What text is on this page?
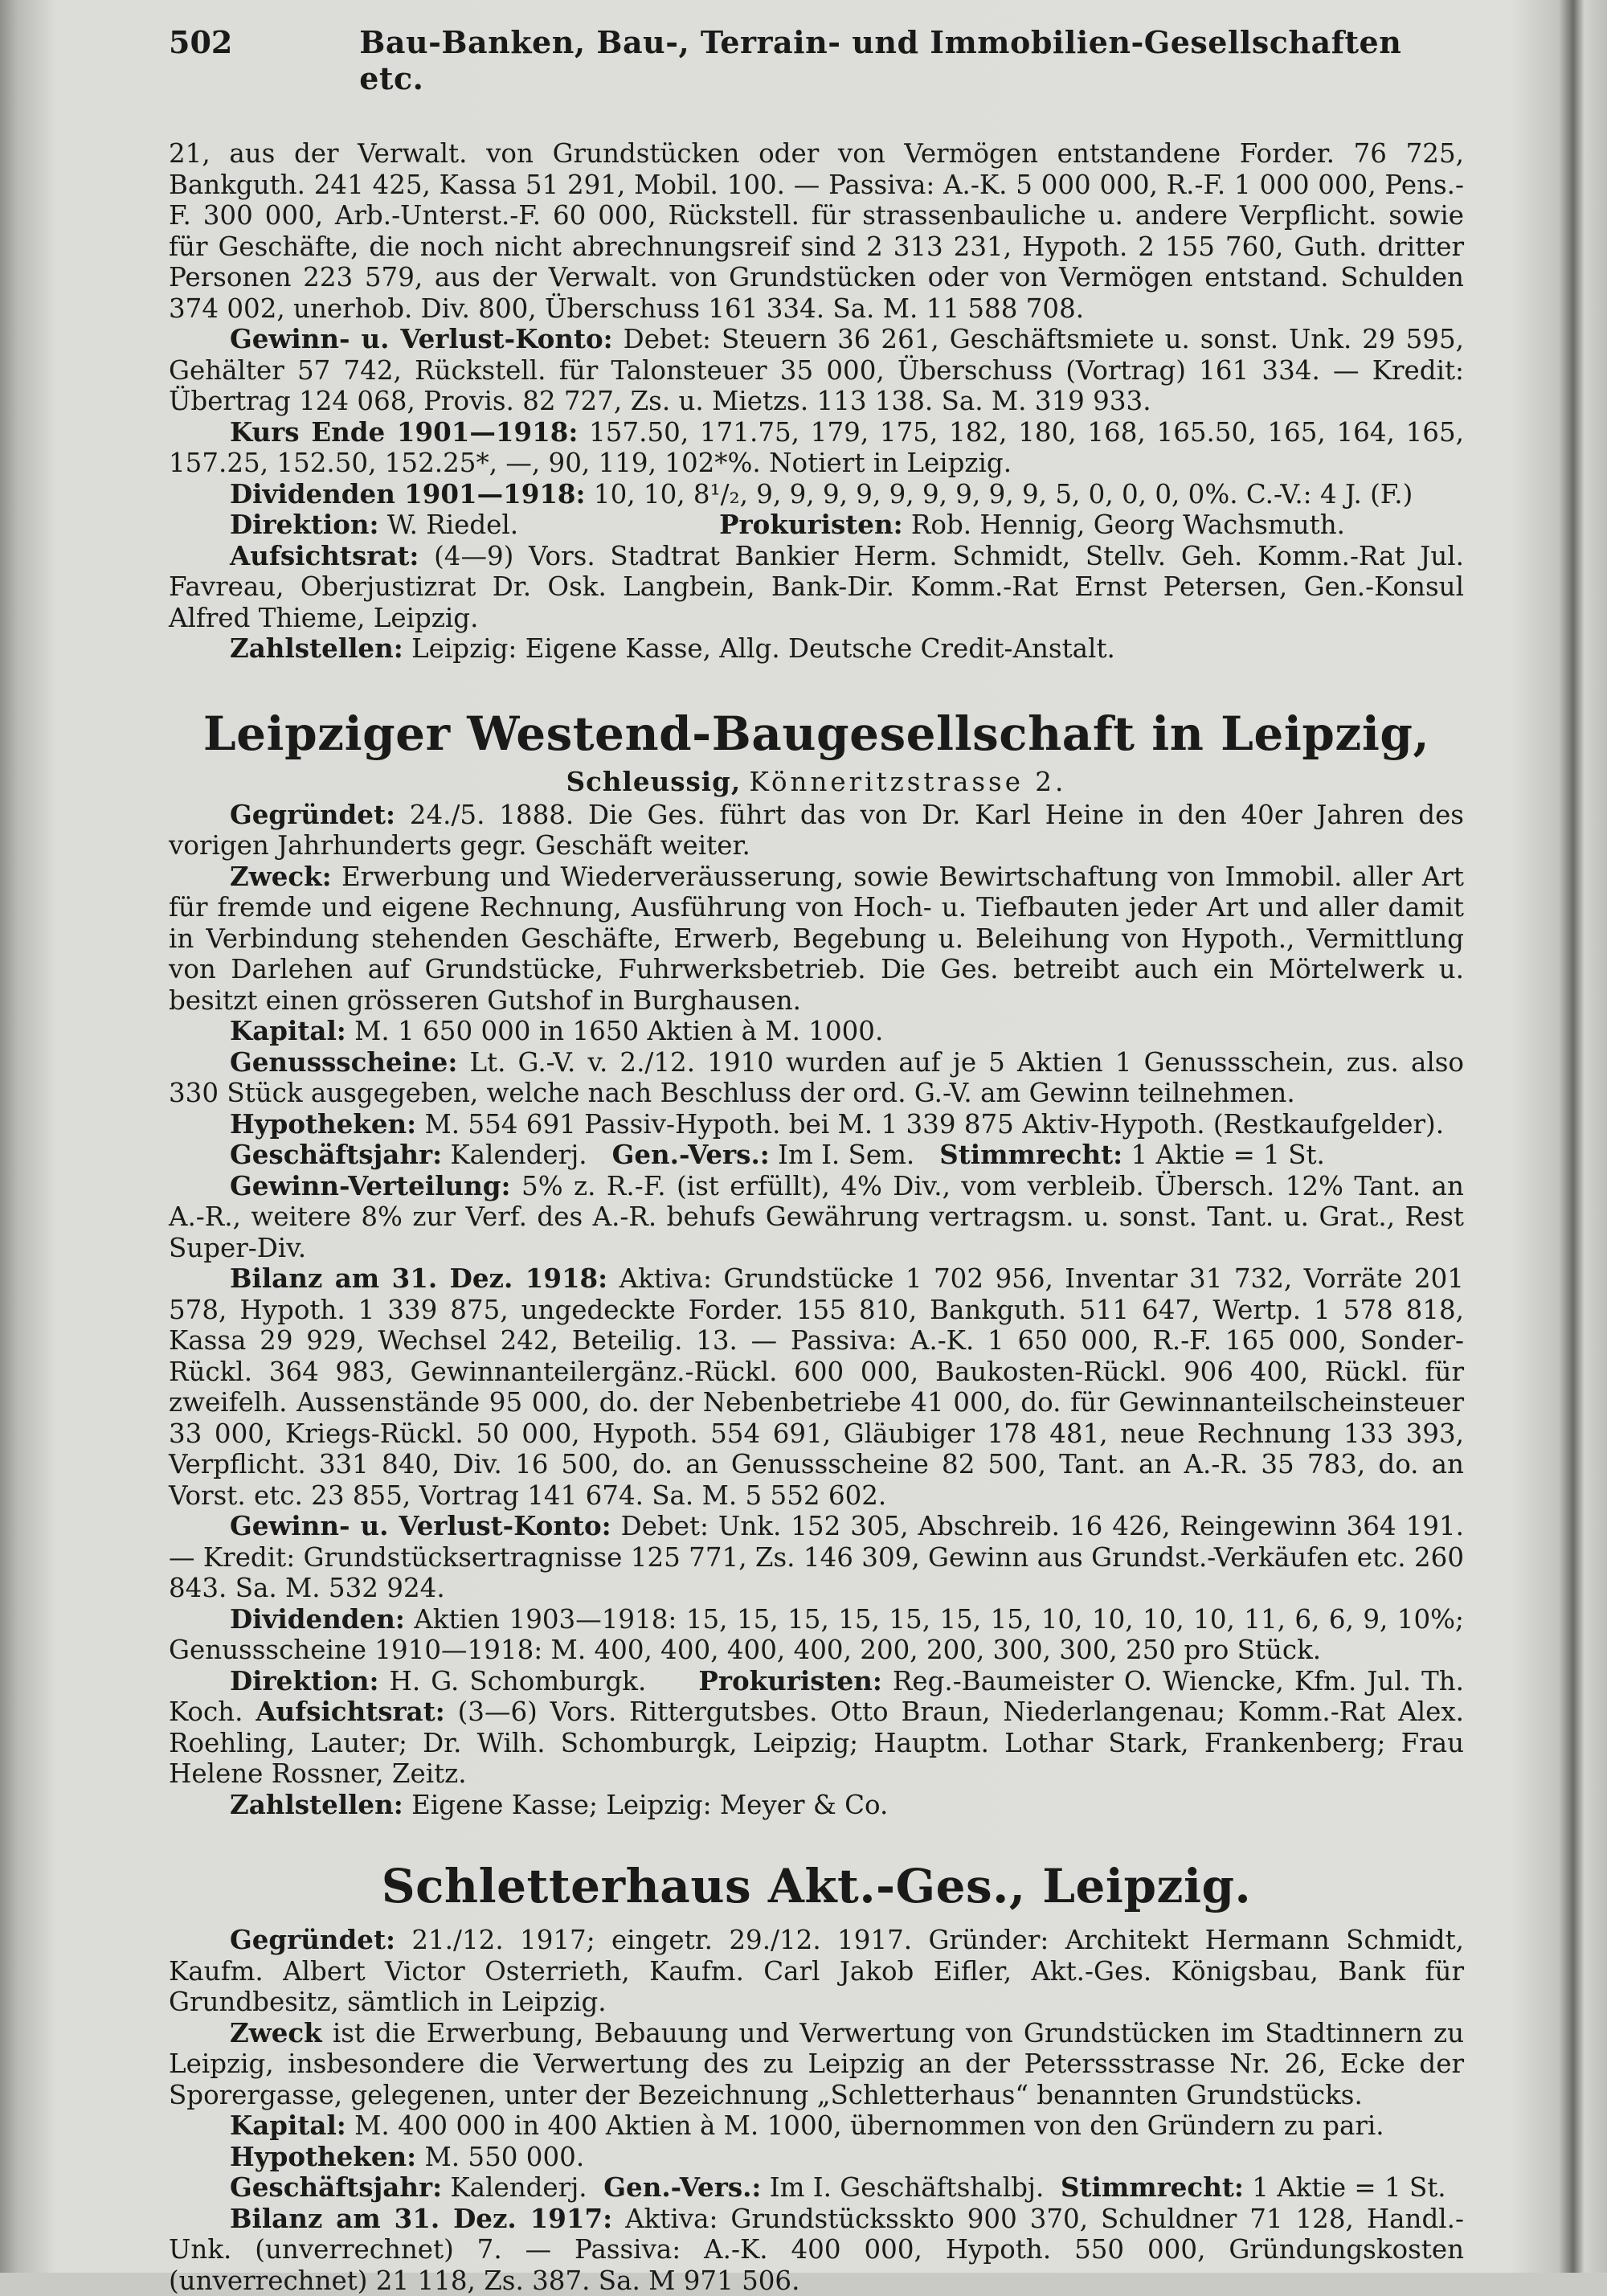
502	Bau-Banken, Bau-, Terrain- und Immobilien-Gesellschaften etc.

21, aus der Verwalt. von Grundstücken oder von Vermögen entstandene Forder. 76 725, Bankguth. 241 425, Kassa 51 291, Mobil. 100. — Passiva: A.-K. 5 000 000, R.-F. 1 000 000, Pens.-F. 300 000, Arb.-Unterst.-F. 60 000, Rückstell. für strassenbauliche u. andere Verpflicht. sowie für Geschäfte, die noch nicht abrechnungsreif sind 2 313 231, Hypoth. 2 155 760, Guth. dritter Personen 223 579, aus der Verwalt. von Grundstücken oder von Vermögen entstand. Schulden 374 002, unerhob. Div. 800, Überschuss 161 334. Sa. M. 11 588 708.

Gewinn- u. Verlust-Konto: Debet: Steuern 36 261, Geschäftsmiete u. sonst. Unk. 29 595, Gehälter 57 742, Rückstell. für Talonsteuer 35 000, Überschuss (Vortrag) 161 334. — Kredit: Übertrag 124 068, Provis. 82 727, Zs. u. Mietzs. 113 138. Sa. M. 319 933.

Kurs Ende 1901—1918: 157.50, 171.75, 179, 175, 182, 180, 168, 165.50, 165, 164, 165, 157.25, 152.50, 152.25*, —, 90, 119, 102*%. Notiert in Leipzig.

Dividenden 1901—1918: 10, 10, 8¹/₂, 9, 9, 9, 9, 9, 9, 9, 9, 9, 5, 0, 0, 0, 0%. C.-V.: 4 J. (F.)

Direktion: W. Riedel.	Prokuristen: Rob. Hennig, Georg Wachsmuth.

Aufsichtsrat: (4—9) Vors. Stadtrat Bankier Herm. Schmidt, Stellv. Geh. Komm.-Rat Jul. Favreau, Oberjustizrat Dr. Osk. Langbein, Bank-Dir. Komm.-Rat Ernst Petersen, Gen.-Konsul Alfred Thieme, Leipzig.

Zahlstellen: Leipzig: Eigene Kasse, Allg. Deutsche Credit-Anstalt.

Leipziger Westend-Baugesellschaft in Leipzig,
Schleussig, Könneritzstrasse 2.

Gegründet: 24./5. 1888. Die Ges. führt das von Dr. Karl Heine in den 40er Jahren des vorigen Jahrhunderts gegr. Geschäft weiter.

Zweck: Erwerbung und Wiederveräusserung, sowie Bewirtschaftung von Immobil. aller Art für fremde und eigene Rechnung, Ausführung von Hoch- u. Tiefbauten jeder Art und aller damit in Verbindung stehenden Geschäfte, Erwerb, Begebung u. Beleihung von Hypoth., Vermittlung von Darlehen auf Grundstücke, Fuhrwerksbetrieb. Die Ges. betreibt auch ein Mörtelwerk u. besitzt einen grösseren Gutshof in Burghausen.

Kapital: M. 1 650 000 in 1650 Aktien à M. 1000.

Genussscheine: Lt. G.-V. v. 2./12. 1910 wurden auf je 5 Aktien 1 Genussschein, zus. also 330 Stück ausgegeben, welche nach Beschluss der ord. G.-V. am Gewinn teilnehmen.

Hypotheken: M. 554 691 Passiv-Hypoth. bei M. 1 339 875 Aktiv-Hypoth. (Restkaufgelder).

Geschäftsjahr: Kalenderj. Gen.-Vers.: Im I. Sem. Stimmrecht: 1 Aktie = 1 St.

Gewinn-Verteilung: 5% z. R.-F. (ist erfüllt), 4% Div., vom verbleib. Übersch. 12% Tant. an A.-R., weitere 8% zur Verf. des A.-R. behufs Gewährung vertragsm. u. sonst. Tant. u. Grat., Rest Super-Div.

Bilanz am 31. Dez. 1918: Aktiva: Grundstücke 1 702 956, Inventar 31 732, Vorräte 201 578, Hypoth. 1 339 875, ungedeckte Forder. 155 810, Bankguth. 511 647, Wertp. 1 578 818, Kassa 29 929, Wechsel 242, Beteilig. 13. — Passiva: A.-K. 1 650 000, R.-F. 165 000, Sonder-Rückl. 364 983, Gewinnanteilergänz.-Rückl. 600 000, Baukosten-Rückl. 906 400, Rückl. für zweifelh. Aussenstände 95 000, do. der Nebenbetriebe 41 000, do. für Gewinnanteilscheinsteuer 33 000, Kriegs-Rückl. 50 000, Hypoth. 554 691, Gläubiger 178 481, neue Rechnung 133 393, Verpflicht. 331 840, Div. 16 500, do. an Genussscheine 82 500, Tant. an A.-R. 35 783, do. an Vorst. etc. 23 855, Vortrag 141 674. Sa. M. 5 552 602.

Gewinn- u. Verlust-Konto: Debet: Unk. 152 305, Abschreib. 16 426, Reingewinn 364 191. — Kredit: Grundstücksertragnisse 125 771, Zs. 146 309, Gewinn aus Grundst.-Verkäufen etc. 260 843. Sa. M. 532 924.

Dividenden: Aktien 1903—1918: 15, 15, 15, 15, 15, 15, 15, 10, 10, 10, 10, 11, 6, 6, 9, 10%; Genussscheine 1910—1918: M. 400, 400, 400, 400, 200, 200, 300, 300, 250 pro Stück.

Direktion: H. G. Schomburgk. Prokuristen: Reg.-Baumeister O. Wiencke, Kfm. Jul. Th. Koch. Aufsichtsrat: (3—6) Vors. Rittergutsbes. Otto Braun, Niederlangenau; Komm.-Rat Alex. Roehling, Lauter; Dr. Wilh. Schomburgk, Leipzig; Hauptm. Lothar Stark, Frankenberg; Frau Helene Rossner, Zeitz.

Zahlstellen: Eigene Kasse; Leipzig: Meyer & Co.

Schletterhaus Akt.-Ges., Leipzig.

Gegründet: 21./12. 1917; eingetr. 29./12. 1917. Gründer: Architekt Hermann Schmidt, Kaufm. Albert Victor Osterrieth, Kaufm. Carl Jakob Eifler, Akt.-Ges. Königsbau, Bank für Grundbesitz, sämtlich in Leipzig.

Zweck ist die Erwerbung, Bebauung und Verwertung von Grundstücken im Stadtinnern zu Leipzig, insbesondere die Verwertung des zu Leipzig an der Peterssstrasse Nr. 26, Ecke der Sporergasse, gelegenen, unter der Bezeichnung „Schletterhaus“ benannten Grundstücks.

Kapital: M. 400 000 in 400 Aktien à M. 1000, übernommen von den Gründern zu pari.

Hypotheken: M. 550 000.

Geschäftsjahr: Kalenderj. Gen.-Vers.: Im I. Geschäftshalbj. Stimmrecht: 1 Aktie = 1 St.

Bilanz am 31. Dez. 1917: Aktiva: Grundstücksskto 900 370, Schuldner 71 128, Handl.-Unk. (unverrechnet) 7. — Passiva: A.-K. 400 000, Hypoth. 550 000, Gründungskosten (unverrechnet) 21 118, Zs. 387. Sa. M 971 506.
